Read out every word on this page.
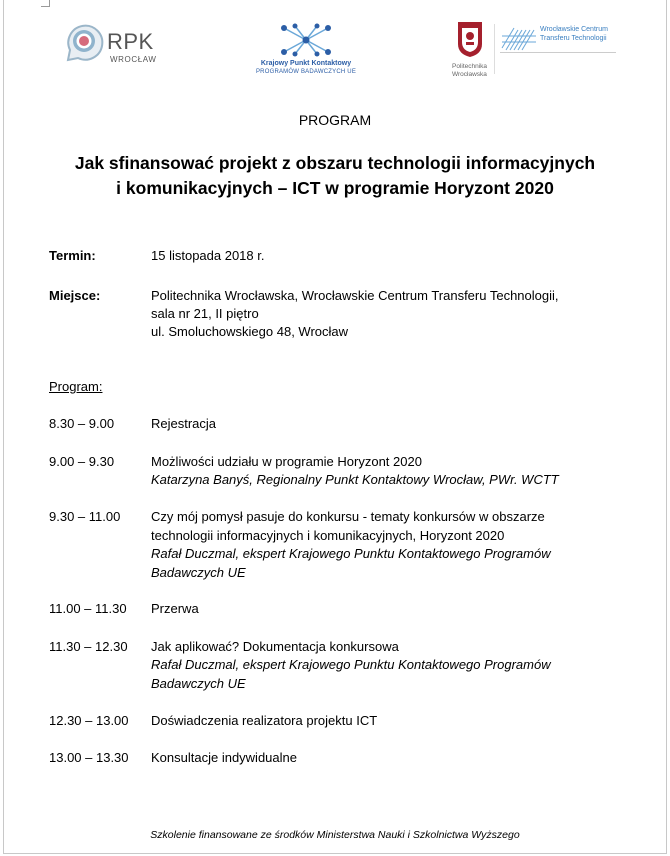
RPK
WROCŁAW	Krajowy Punkt Kontaktowy
PROGRAMÓW BADAWCZYCH UE
Politechnika
Wrocławska
Wrocławskie Centrum
Transferu Technologii
PROGRAM
Jak sfinansować projekt z obszaru technologii informacyjnych
i komunikacyjnych – ICT w programie Horyzont 2020
Termin:	15 listopada 2018 r.
Miejsce:	Politechnika Wrocławska, Wrocławskie Centrum Transferu Technologii,
sala nr 21, II piętro
ul. Smoluchowskiego 48, Wrocław
Program:
8.30 – 9.00	Rejestracja
9.00 – 9.30	Możliwości udziału w programie Horyzont 2020
Katarzyna Banyś, Regionalny Punkt Kontaktowy Wrocław, PWr. WCTT
9.30 – 11.00 Czy mój pomysł pasuje do konkursu - tematy konkursów w obszarze
technologii informacyjnych i komunikacyjnych, Horyzont 2020
Rafał Duczmal, ekspert Krajowego Punktu Kontaktowego Programów
Badawczych UE
11.00 – 11.30 Przerwa
11.30 – 12.30 Jak aplikować? Dokumentacja konkursowa
Rafał Duczmal, ekspert Krajowego Punktu Kontaktowego Programów
Badawczych UE
12.30 – 13.00 Doświadczenia realizatora projektu ICT
13.00 – 13.30 Konsultacje indywidualne
Szkolenie finansowane ze środków Ministerstwa Nauki i Szkolnictwa Wyższego
